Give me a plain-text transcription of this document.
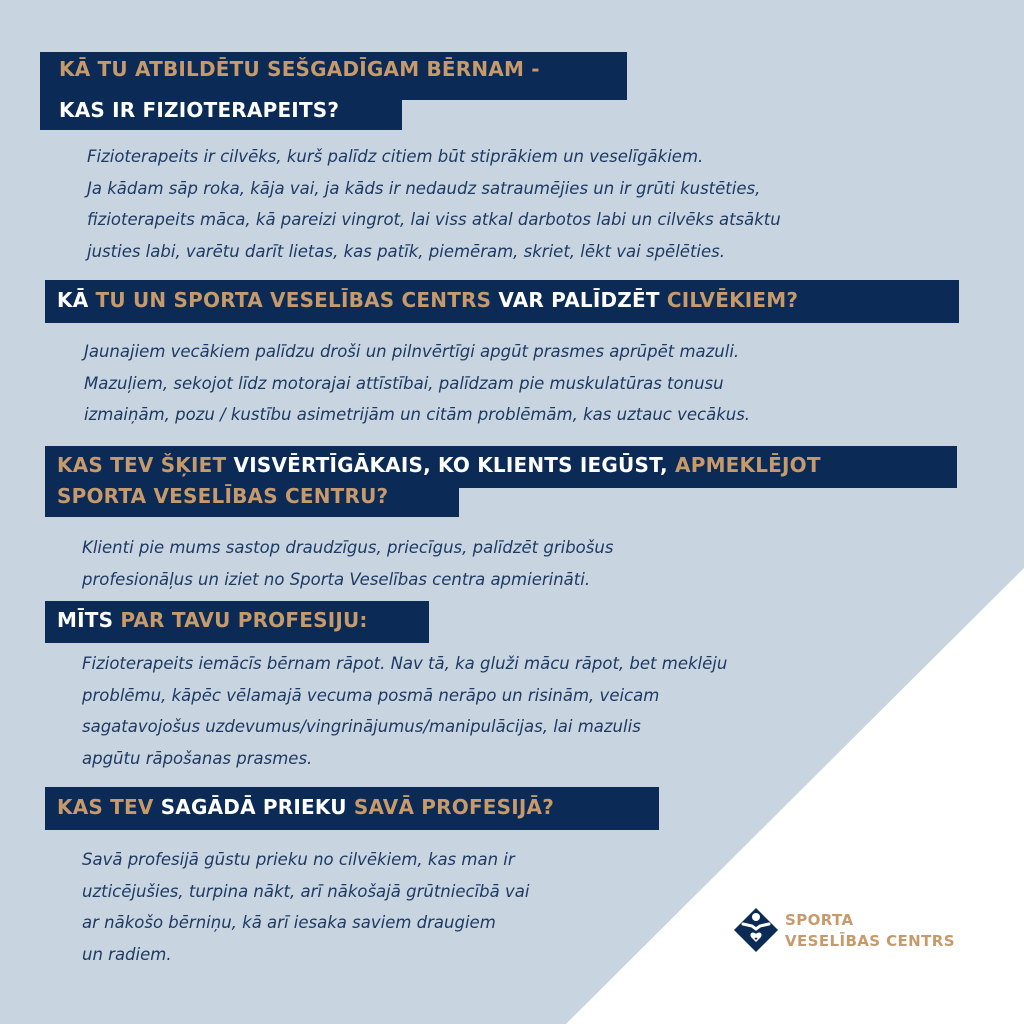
KĀ TU ATBILDĒTU SEŠGADĪGAM BĒRNAM -
KAS IR FIZIOTERAPEITS?

Fizioterapeits ir cilvēks, kurš palīdz citiem būt stiprākiem un veselīgākiem.
Ja kādam sāp roka, kāja vai, ja kāds ir nedaudz satraumējies un ir grūti kustēties,
fizioterapeits māca, kā pareizi vingrot, lai viss atkal darbotos labi un cilvēks atsāktu
justies labi, varētu darīt lietas, kas patīk, piemēram, skriet, lēkt vai spēlēties.

KĀ TU UN SPORTA VESELĪBAS CENTRS VAR PALĪDZĒT CILVĒKIEM?

Jaunajiem vecākiem palīdzu droši un pilnvērtīgi apgūt prasmes aprūpēt mazuli.
Mazuļiem, sekojot līdz motorajai attīstībai, palīdzam pie muskulatūras tonusu
izmaiņām, pozu / kustību asimetrijām un citām problēmām, kas uztauc vecākus.

KAS TEV ŠĶIET VISVĒRTĪGĀKAIS, KO KLIENTS IEGŪST, APMEKLĒJOT
SPORTA VESELĪBAS CENTRU?

Klienti pie mums sastop draudzīgus, priecīgus, palīdzēt gribošus
profesionāļus un iziet no Sporta Veselības centra apmierināti.

MĪTS PAR TAVU PROFESIJU:

Fizioterapeits iemācīs bērnam rāpot. Nav tā, ka gluži mācu rāpot, bet meklēju
problēmu, kāpēc vēlamajā vecuma posmā nerāpo un risinām, veicam
sagatavojošus uzdevumus/vingrinājumus/manipulācijas, lai mazulis
apgūtu rāpošanas prasmes.

KAS TEV SAGĀDĀ PRIEKU SAVĀ PROFESIJĀ?

Savā profesijā gūstu prieku no cilvēkiem, kas man ir
uzticējušies, turpina nākt, arī nākošajā grūtniecībā vai
ar nākošo bērniņu, kā arī iesaka saviem draugiem
un radiem.

SPORTA
VESELĪBAS CENTRS
